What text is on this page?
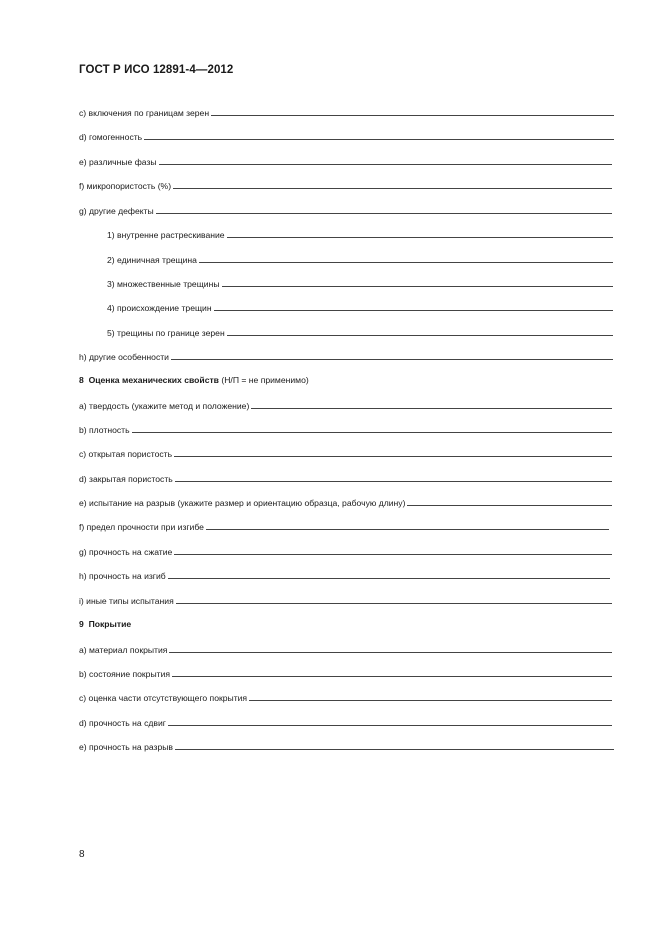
ГОСТ Р ИСО 12891-4—2012
c) включения по границам зерен
d) гомогенность
e) различные фазы
f) микропористость (%)
g) другие дефекты
1) внутренне растрескивание
2) единичная трещина
3) множественные трещины
4) происхождение трещин
5) трещины по границе зерен
h) другие особенности
8 Оценка механических свойств (Н/П = не применимо)
a) твердость (укажите метод и положение)
b) плотность
c) открытая пористость
d) закрытая пористость
e) испытание на разрыв (укажите размер и ориентацию образца, рабочую длину)
f) предел прочности при изгибе
g) прочность на сжатие
h) прочность на изгиб
i) иные типы испытания
9 Покрытие
a) материал покрытия
b) состояние покрытия
c) оценка части отсутствующего покрытия
d) прочность на сдвиг
e) прочность на разрыв
8
